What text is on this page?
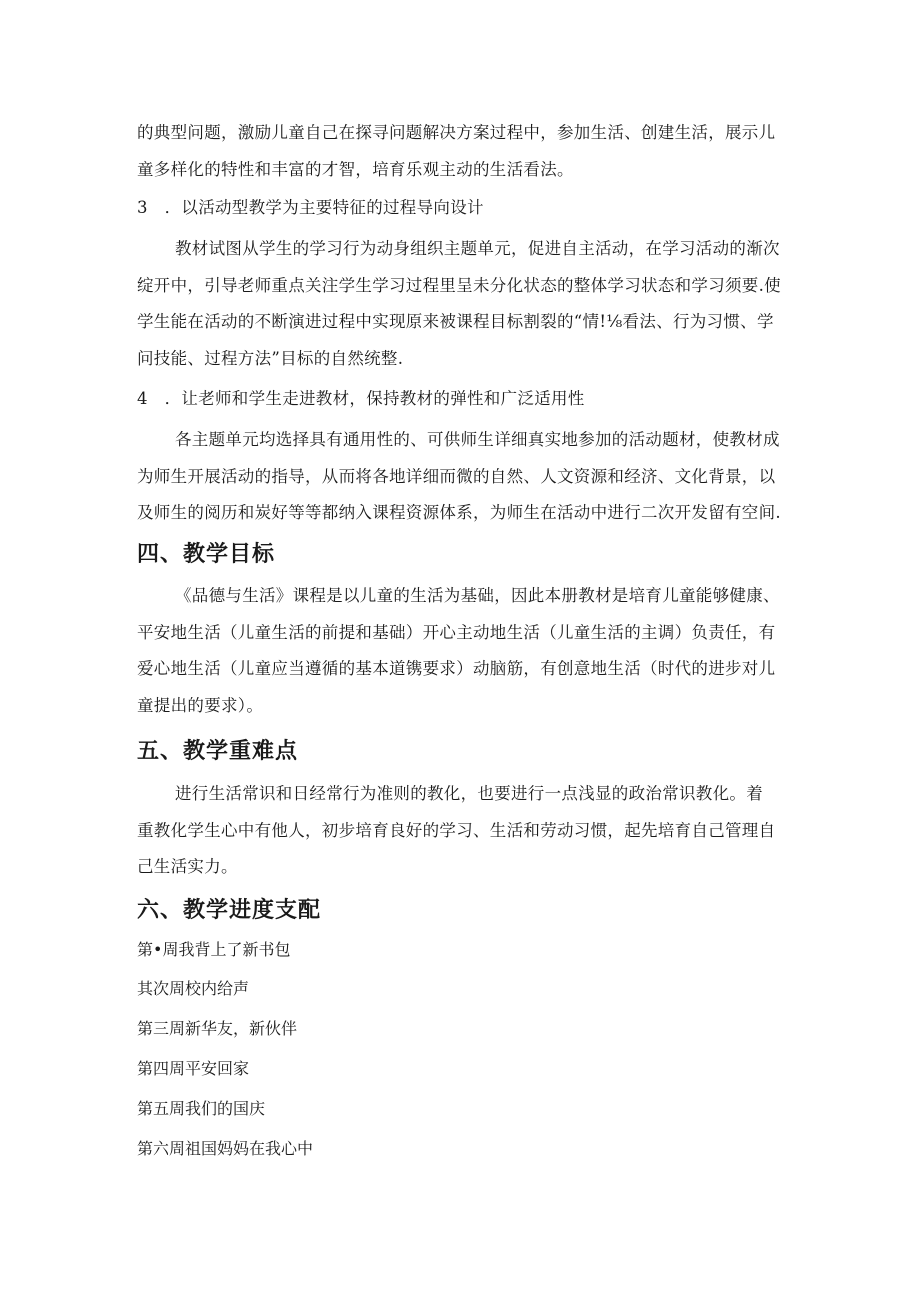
的典型问题，激励儿童自己在探寻问题解决方案过程中，参加生活、创建生活，展示儿
童多样化的特性和丰富的才智，培育乐观主动的生活看法。
3　．以活动型教学为主要特征的过程导向设计
教材试图从学生的学习行为动身组织主题单元，促进自主活动，在学习活动的渐次
绽开中，引导老师重点关注学生学习过程里呈未分化状态的整体学习状态和学习须要.使
学生能在活动的不断演进过程中实现原来被课程目标割裂的“情!⅛看法、行为习惯、学
问技能、过程方法”目标的自然统整.
4　．让老师和学生走进教材，保持教材的弹性和广泛适用性
各主题单元均选择具有通用性的、可供师生详细真实地参加的活动题材，使教材成
为师生开展活动的指导，从而将各地详细而微的自然、人文资源和经济、文化背景，以
及师生的阅历和炭好等等都纳入课程资源体系，为师生在活动中进行二次开发留有空间.
四、教学目标
《品德与生活》课程是以儿童的生活为基础，因此本册教材是培育儿童能够健康、
平安地生活（儿童生活的前提和基础）开心主动地生活（儿童生活的主调）负责任，有
爱心地生活（儿童应当遵循的基本道镌要求）动脑筋，有创意地生活（时代的进步对儿
童提出的要求）。
五、教学重难点
进行生活常识和日经常行为准则的教化，也要进行一点浅显的政治常识教化。着
重教化学生心中有他人，初步培育良好的学习、生活和劳动习惯，起先培育自己管理自
己生活实力。
六、教学进度支配
第•周我背上了新书包
其次周校内给声
第三周新华友，新伙伴
第四周平安回家
第五周我们的国庆
第六周祖国妈妈在我心中
